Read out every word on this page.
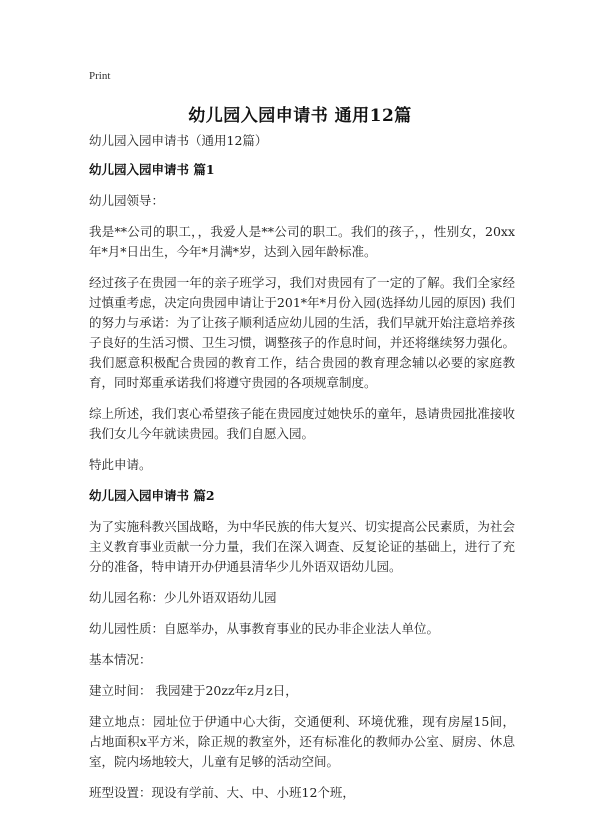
Print
幼儿园入园申请书 通用12篇

幼儿园入园申请书（通用12篇）

幼儿园入园申请书 篇1

幼儿园领导：

我是**公司的职工，，我爱人是**公司的职工。我们的孩子，，性别女，20xx年*月*日出生，今年*月满*岁，达到入园年龄标准。

经过孩子在贵园一年的亲子班学习，我们对贵园有了一定的了解。我们全家经过慎重考虑，决定向贵园申请让于201*年*月份入园(选择幼儿园的原因) 我们的努力与承诺：为了让孩子顺利适应幼儿园的生活，我们早就开始注意培养孩子良好的生活习惯、卫生习惯，调整孩子的作息时间，并还将继续努力强化。我们愿意积极配合贵园的教育工作，结合贵园的教育理念辅以必要的家庭教育，同时郑重承诺我们将遵守贵园的各项规章制度。

综上所述，我们衷心希望孩子能在贵园度过她快乐的童年，恳请贵园批准接收我们女儿今年就读贵园。我们自愿入园。

特此申请。

幼儿园入园申请书 篇2

为了实施科教兴国战略，为中华民族的伟大复兴、切实提高公民素质，为社会主义教育事业贡献一分力量，我们在深入调查、反复论证的基础上，进行了充分的准备，特申请开办伊通县清华少儿外语双语幼儿园。

幼儿园名称：少儿外语双语幼儿园

幼儿园性质：自愿举办，从事教育事业的民办非企业法人单位。

基本情况：

建立时间： 我园建于20zz年z月z日，

建立地点：园址位于伊通中心大街，交通便利、环境优雅，现有房屋15间，占地面积x平方米，除正规的教室外，还有标准化的教师办公室、厨房、休息室，院内场地较大，儿童有足够的活动空间。

班型设置：现设有学前、大、中、小班12个班，
